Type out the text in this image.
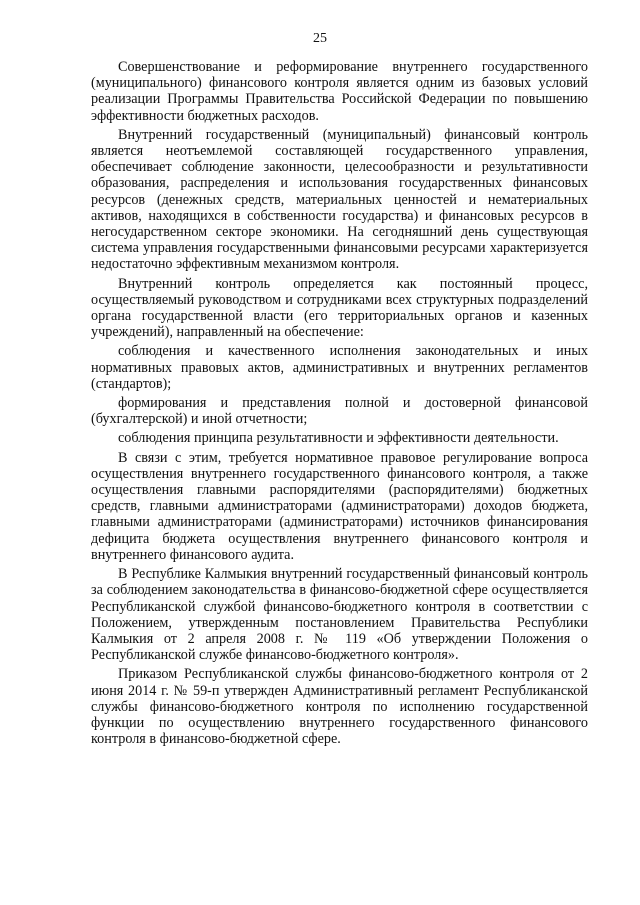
25

Совершенствование и реформирование внутреннего государственного (муниципального) финансового контроля является одним из базовых условий реализации Программы Правительства Российской Федерации по повышению эффективности бюджетных расходов.

Внутренний государственный (муниципальный) финансовый контроль является неотъемлемой составляющей государственного управления, обеспечивает соблюдение законности, целесообразности и результативности образования, распределения и использования государственных финансовых ресурсов (денежных средств, материальных ценностей и нематериальных активов, находящихся в собственности государства) и финансовых ресурсов в негосударственном секторе экономики. На сегодняшний день существующая система управления государственными финансовыми ресурсами характеризуется недостаточно эффективным механизмом контроля.

Внутренний контроль определяется как постоянный процесс, осуществляемый руководством и сотрудниками всех структурных подразделений органа государственной власти (его территориальных органов и казенных учреждений), направленный на обеспечение:

соблюдения и качественного исполнения законодательных и иных нормативных правовых актов, административных и внутренних регламентов (стандартов);

формирования и представления полной и достоверной финансовой (бухгалтерской) и иной отчетности;

соблюдения принципа результативности и эффективности деятельности.

В связи с этим, требуется нормативное правовое регулирование вопроса осуществления внутреннего государственного финансового контроля, а также осуществления главными распорядителями (распорядителями) бюджетных средств, главными администраторами (администраторами) доходов бюджета, главными администраторами (администраторами) источников финансирования дефицита бюджета осуществления внутреннего финансового контроля и внутреннего финансового аудита.

В Республике Калмыкия внутренний государственный финансовый контроль за соблюдением законодательства в финансово-бюджетной сфере осуществляется Республиканской службой финансово-бюджетного контроля в соответствии с Положением, утвержденным постановлением Правительства Республики Калмыкия от 2 апреля 2008 г. № 119 «Об утверждении Положения о Республиканской службе финансово-бюджетного контроля».

Приказом Республиканской службы финансово-бюджетного контроля от 2 июня 2014 г. № 59-п утвержден Административный регламент Республиканской службы финансово-бюджетного контроля по исполнению государственной функции по осуществлению внутреннего государственного финансового контроля в финансово-бюджетной сфере.
